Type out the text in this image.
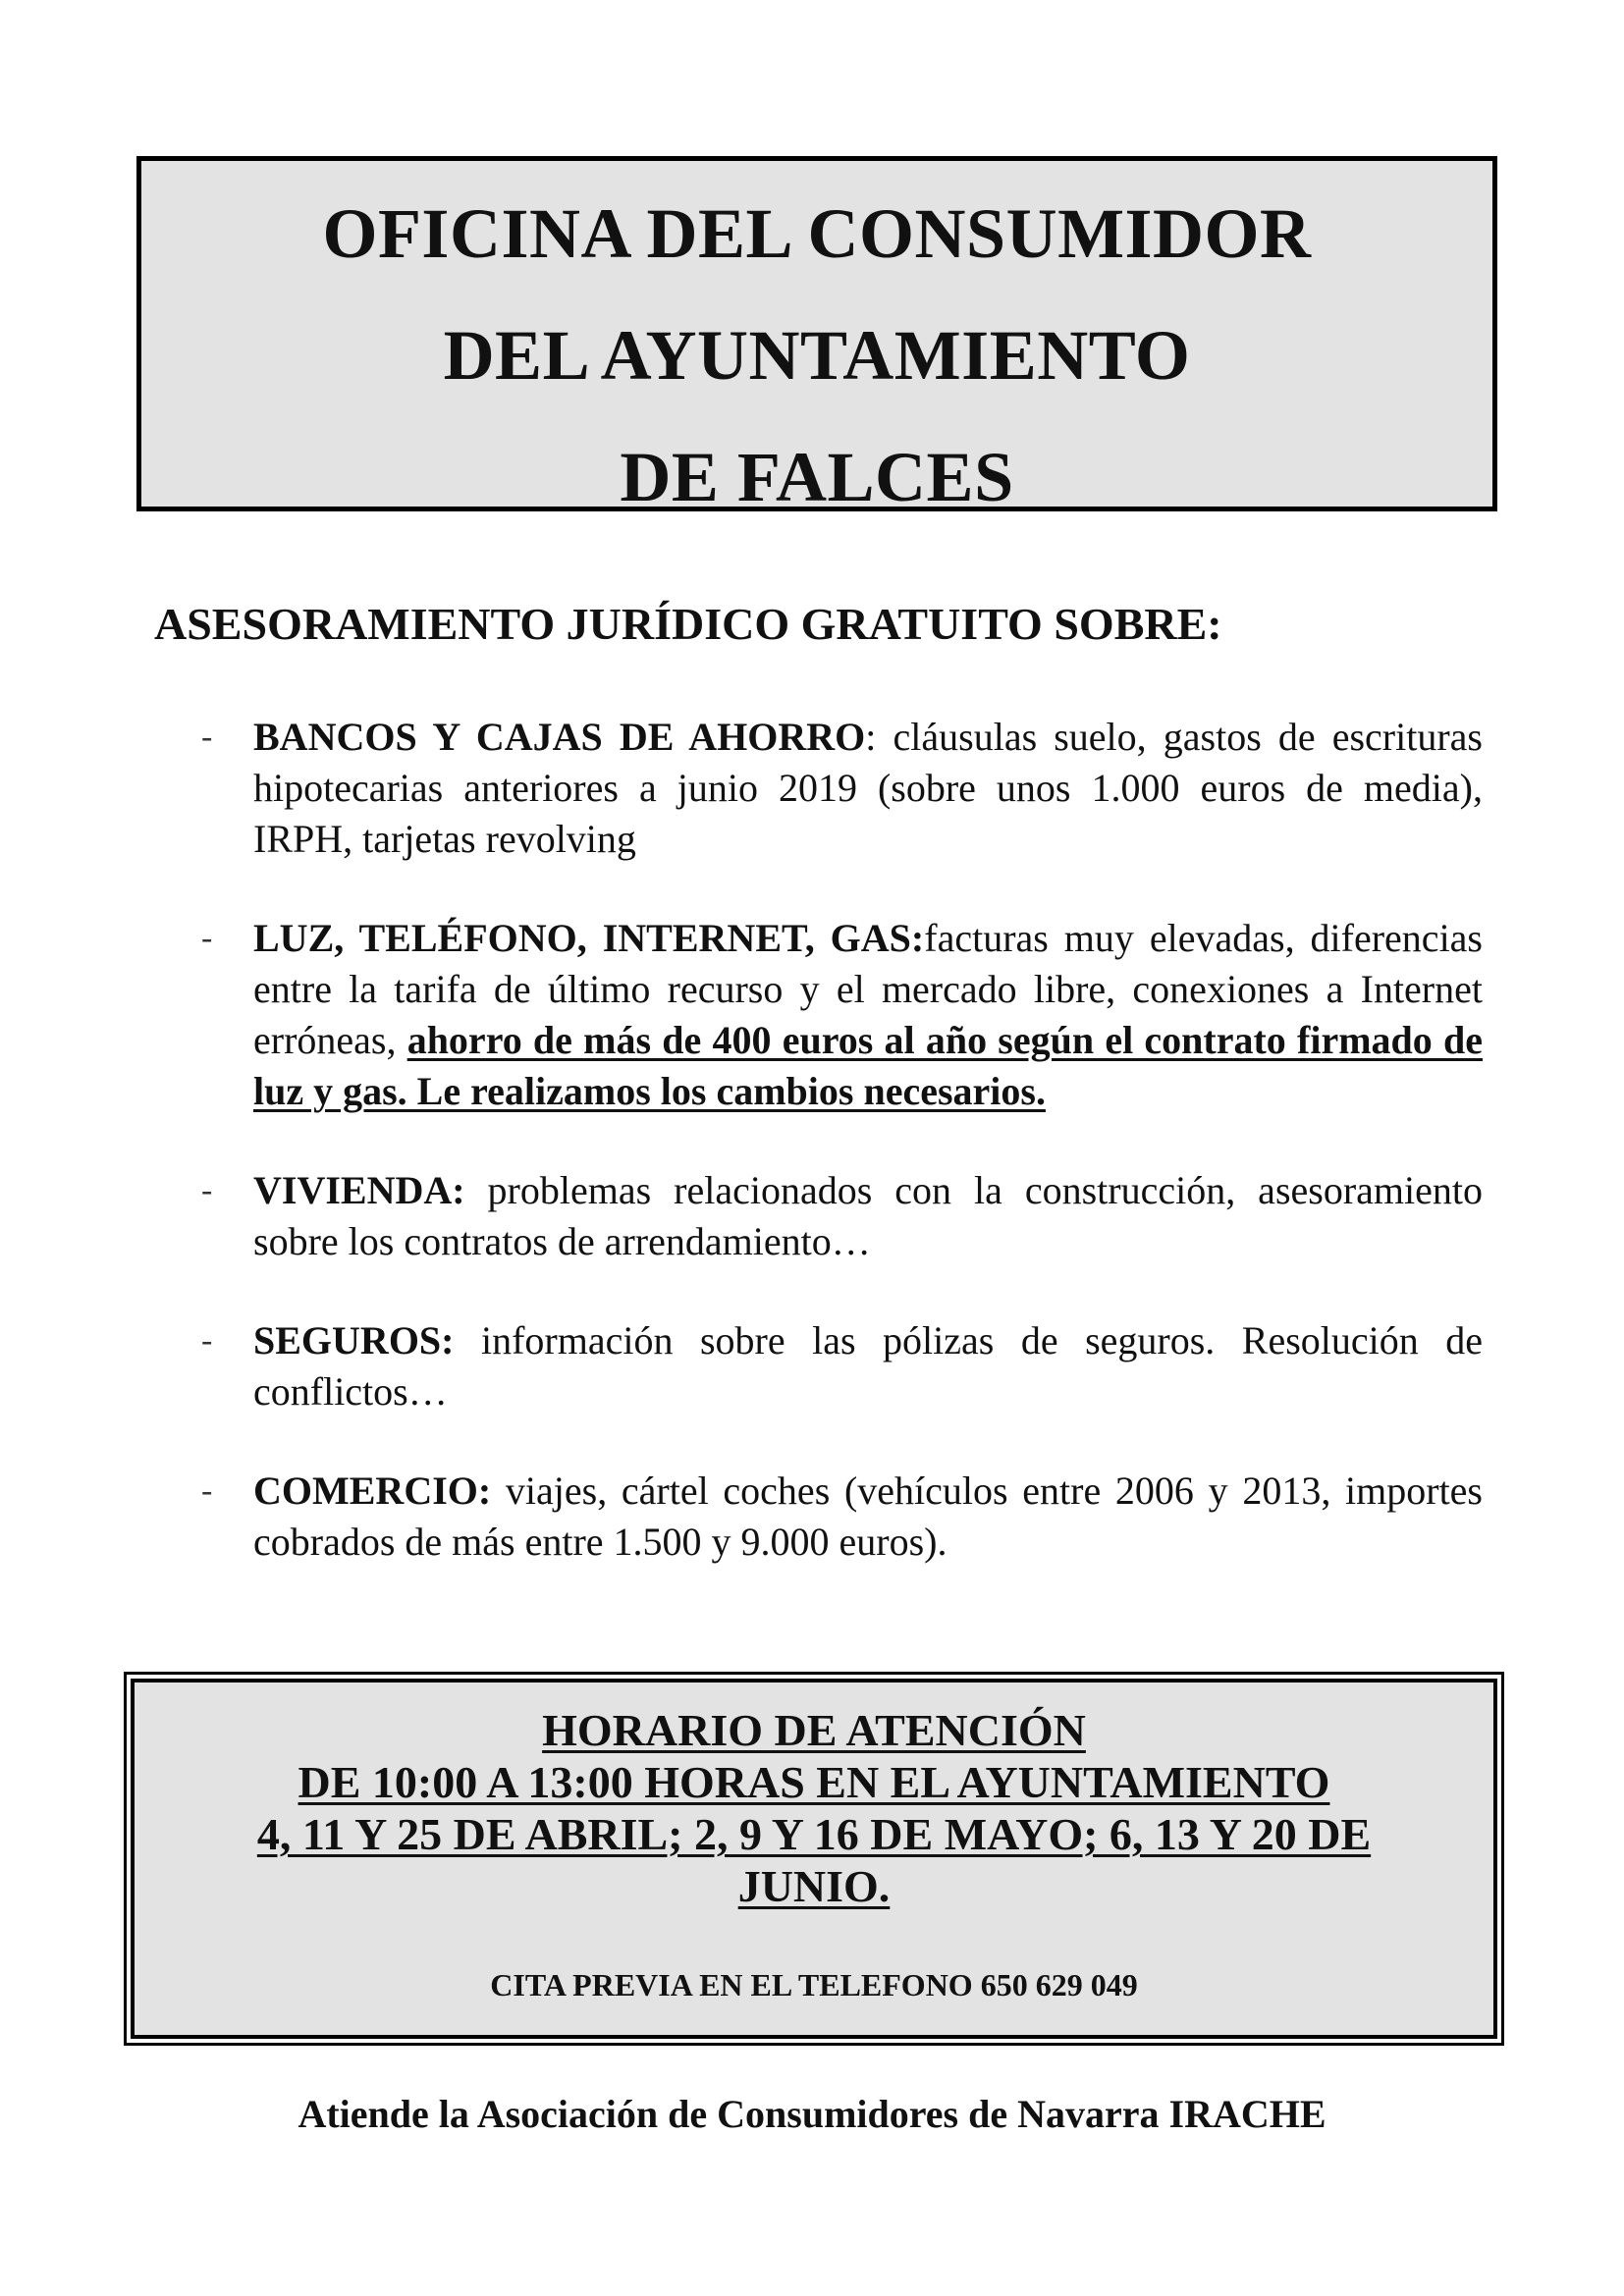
OFICINA DEL CONSUMIDOR
DEL AYUNTAMIENTO
DE FALCES
ASESORAMIENTO JURÍDICO GRATUITO SOBRE:
- BANCOS Y CAJAS DE AHORRO: cláusulas suelo, gastos de escrituras hipotecarias anteriores a junio 2019 (sobre unos 1.000 euros de media), IRPH, tarjetas revolving
- LUZ, TELÉFONO, INTERNET, GAS:facturas muy elevadas, diferencias entre la tarifa de último recurso y el mercado libre, conexiones a Internet erróneas, ahorro de más de 400 euros al año según el contrato firmado de luz y gas. Le realizamos los cambios necesarios.
- VIVIENDA: problemas relacionados con la construcción, asesoramiento sobre los contratos de arrendamiento…
- SEGUROS: información sobre las pólizas de seguros. Resolución de conflictos…
- COMERCIO: viajes, cártel coches (vehículos entre 2006 y 2013, importes cobrados de más entre 1.500 y 9.000 euros).
HORARIO DE ATENCIÓN
DE 10:00 A 13:00 HORAS EN EL AYUNTAMIENTO
4, 11 Y 25 DE ABRIL; 2, 9 Y 16 DE MAYO; 6, 13 Y 20 DE
JUNIO.
CITA PREVIA EN EL TELEFONO 650 629 049
Atiende la Asociación de Consumidores de Navarra IRACHE
